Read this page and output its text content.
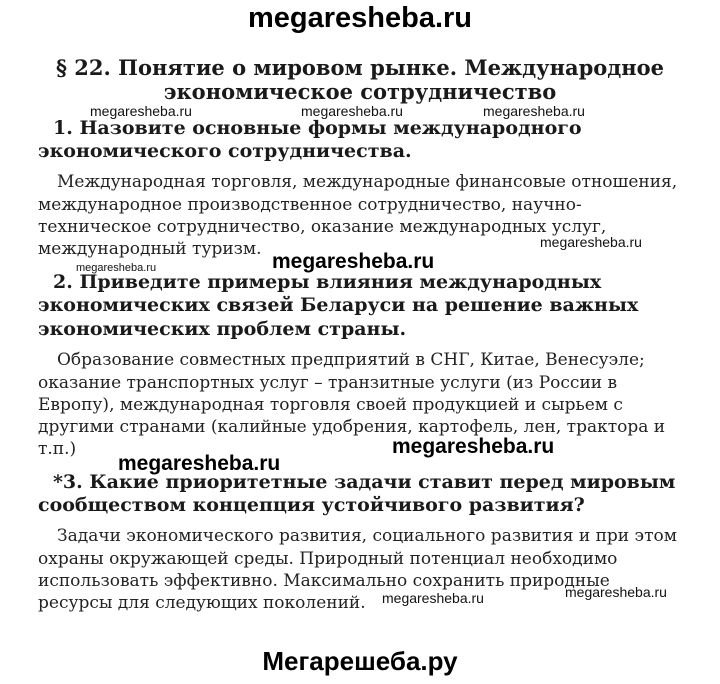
megaresheba.ru
§ 22. Понятие о мировом рынке. Международное
экономическое сотрудничество
1. Назовите основные формы международного
экономического сотрудничества.
Международная торговля, международные финансовые отношения,
международное производственное сотрудничество, научно-
техническое сотрудничество, оказание международных услуг,
международный туризм.
2. Приведите примеры влияния международных
экономических связей Беларуси на решение важных
экономических проблем страны.
Образование совместных предприятий в СНГ, Китае, Венесуэле;
оказание транспортных услуг – транзитные услуги (из России в
Европу), международная торговля своей продукцией и сырьем с
другими странами (калийные удобрения, картофель, лен, трактора и
т.п.)
*3. Какие приоритетные задачи ставит перед мировым
сообществом концепция устойчивого развития?
Задачи экономического развития, социального развития и при этом
охраны окружающей среды. Природный потенциал необходимо
использовать эффективно. Максимально сохранить природные
ресурсы для следующих поколений.
megaresheba.ru	megaresheba.ru	megaresheba.ru
megaresheba.ru
megaresheba.ru	megaresheba.ru
megaresheba.ru
megaresheba.ru
megaresheba.ru	megaresheba.ru
Мегарешеба.ру
